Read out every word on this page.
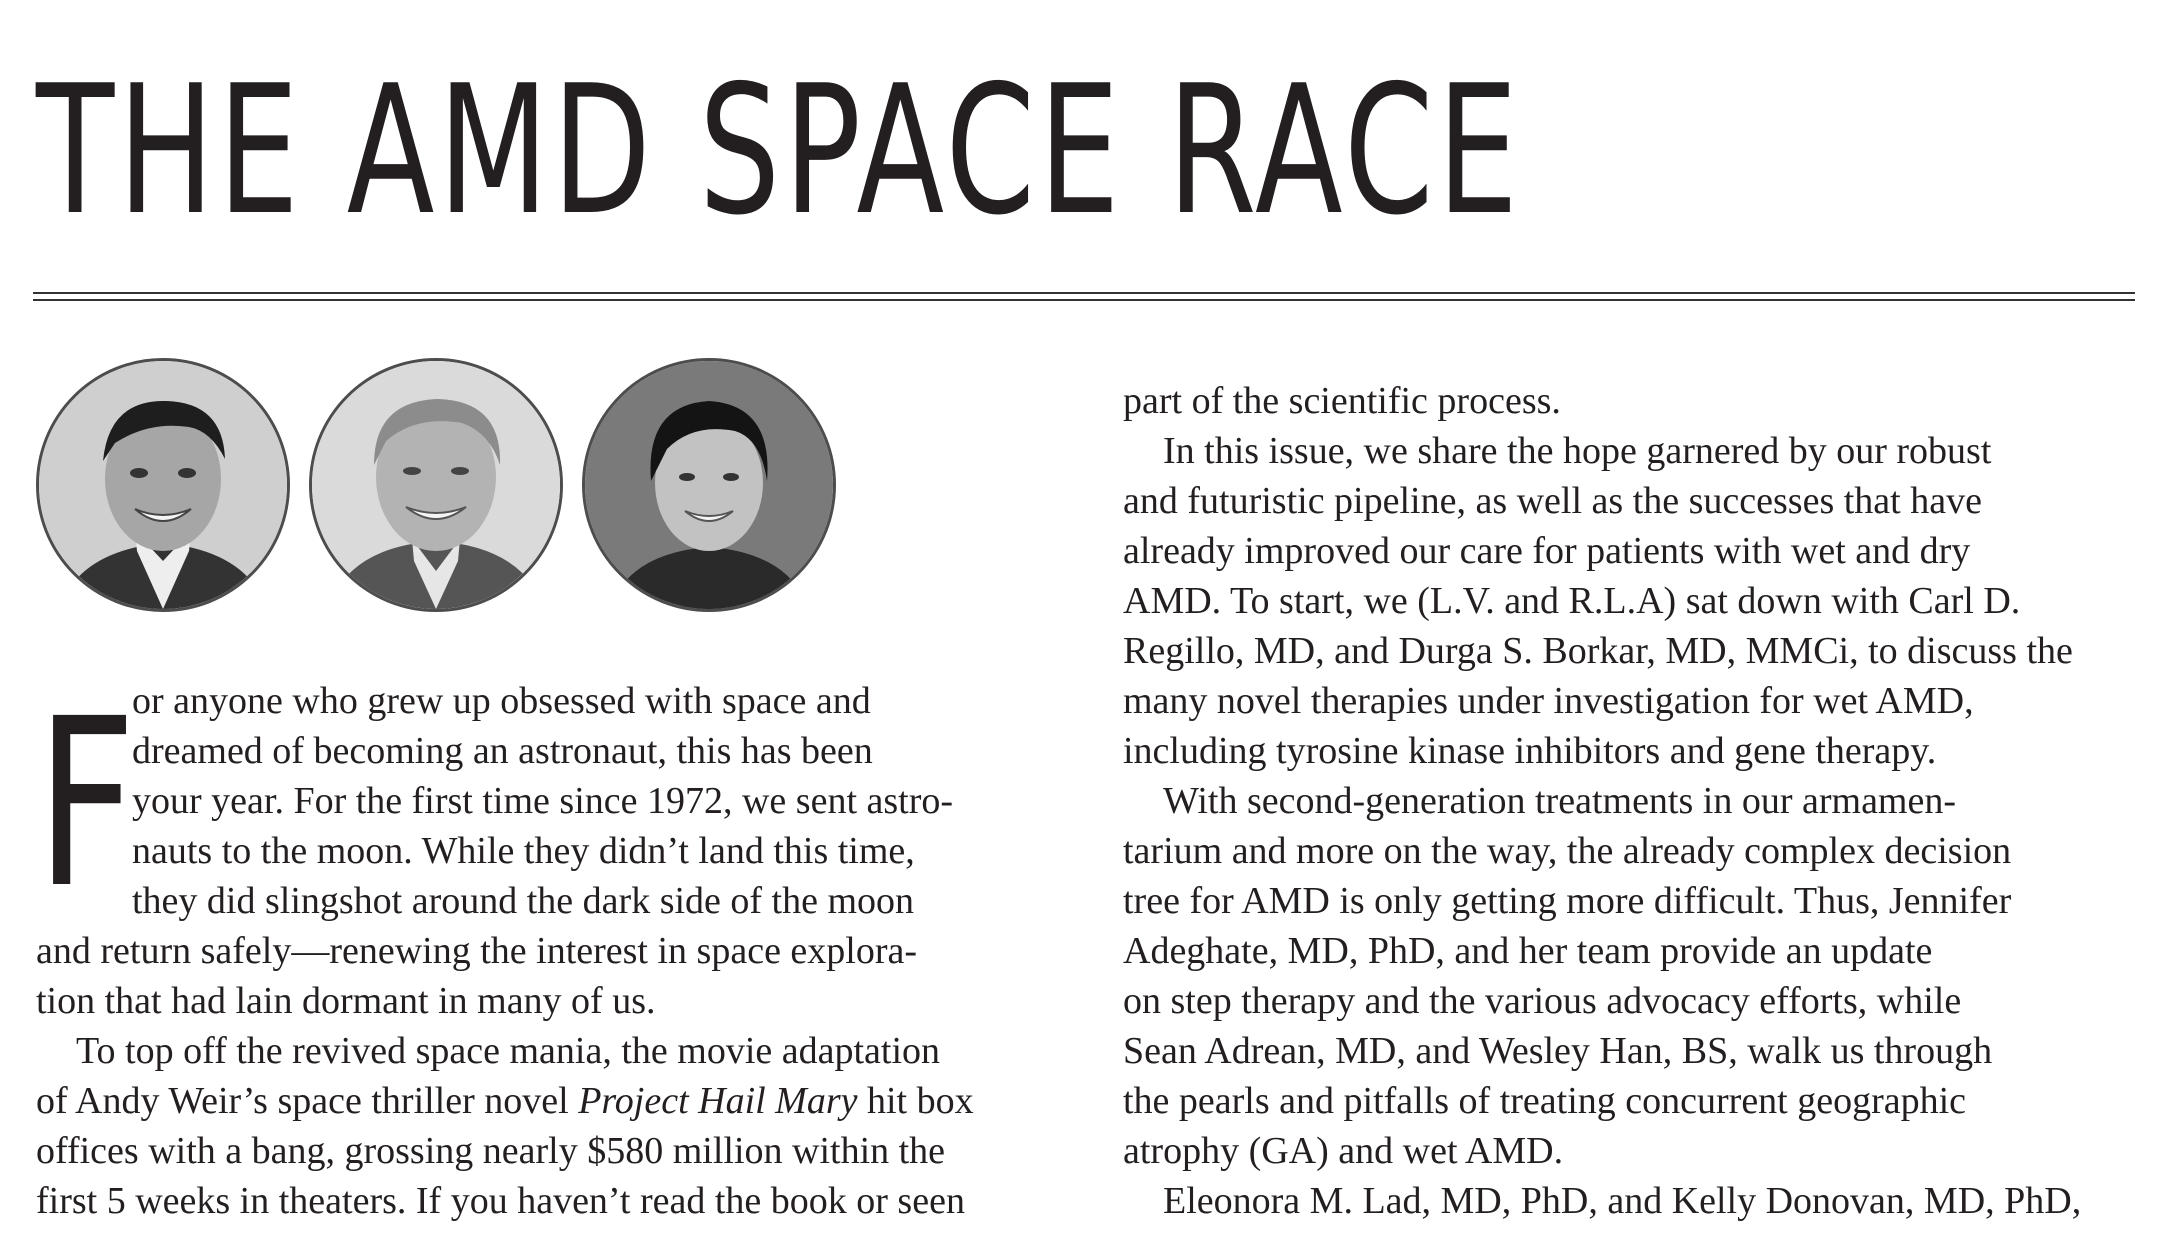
THE AMD SPACE RACE
F
or anyone who grew up obsessed with space and
dreamed of becoming an astronaut, this has been
your year. For the first time since 1972, we sent astro-
nauts to the moon. While they didn’t land this time,
they did slingshot around the dark side of the moon
and return safely—renewing the interest in space explora-
tion that had lain dormant in many of us.
To top off the revived space mania, the movie adaptation
of Andy Weir’s space thriller novel Project Hail Mary hit box
offices with a bang, grossing nearly $580 million within the
first 5 weeks in theaters. If you haven’t read the book or seen
part of the scientific process.
In this issue, we share the hope garnered by our robust
and futuristic pipeline, as well as the successes that have
already improved our care for patients with wet and dry
AMD. To start, we (L.V. and R.L.A) sat down with Carl D.
Regillo, MD, and Durga S. Borkar, MD, MMCi, to discuss the
many novel therapies under investigation for wet AMD,
including tyrosine kinase inhibitors and gene therapy.
With second-generation treatments in our armamen-
tarium and more on the way, the already complex decision
tree for AMD is only getting more difficult. Thus, Jennifer
Adeghate, MD, PhD, and her team provide an update
on step therapy and the various advocacy efforts, while
Sean Adrean, MD, and Wesley Han, BS, walk us through
the pearls and pitfalls of treating concurrent geographic
atrophy (GA) and wet AMD.
Eleonora M. Lad, MD, PhD, and Kelly Donovan, MD, PhD,
